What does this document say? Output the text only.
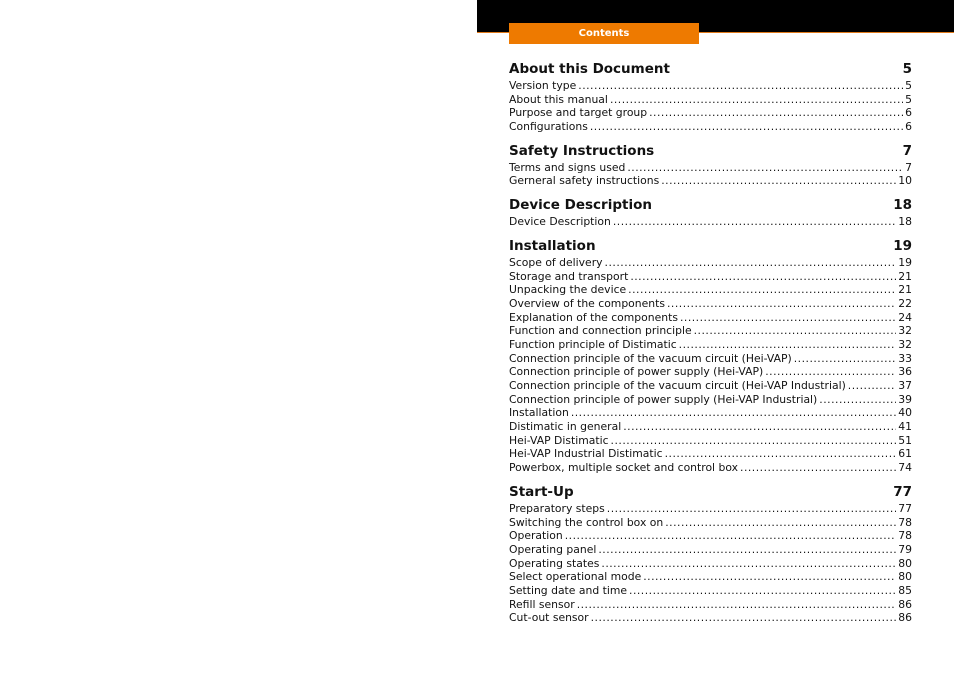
Contents
About this Document	5
Version type .....	5
About this manual .....	5
Purpose and target group .....	6
Configurations .....	6
Safety Instructions	7
Terms and signs used .....	7
Gerneral safety instructions .....	10
Device Description	18
Device Description .....	18
Installation	19
Scope of delivery .....	19
Storage and transport .....	21
Unpacking the device .....	21
Overview of the components .....	22
Explanation of the components .....	24
Function and connection principle .....	32
Function principle of Distimatic .....	32
Connection principle of the vacuum circuit (Hei-VAP) .....	33
Connection principle of power supply (Hei-VAP) .....	36
Connection principle of the vacuum circuit (Hei-VAP Industrial) .....	37
Connection principle of power supply (Hei-VAP Industrial) .....	39
Installation .....	40
Distimatic in general .....	41
Hei-VAP Distimatic .....	51
Hei-VAP Industrial Distimatic .....	61
Powerbox, multiple socket and control box .....	74
Start-Up	77
Preparatory steps .....	77
Switching the control box on .....	78
Operation .....	78
Operating panel .....	79
Operating states .....	80
Select operational mode .....	80
Setting date and time .....	85
Refill sensor .....	86
Cut-out sensor .....	86
